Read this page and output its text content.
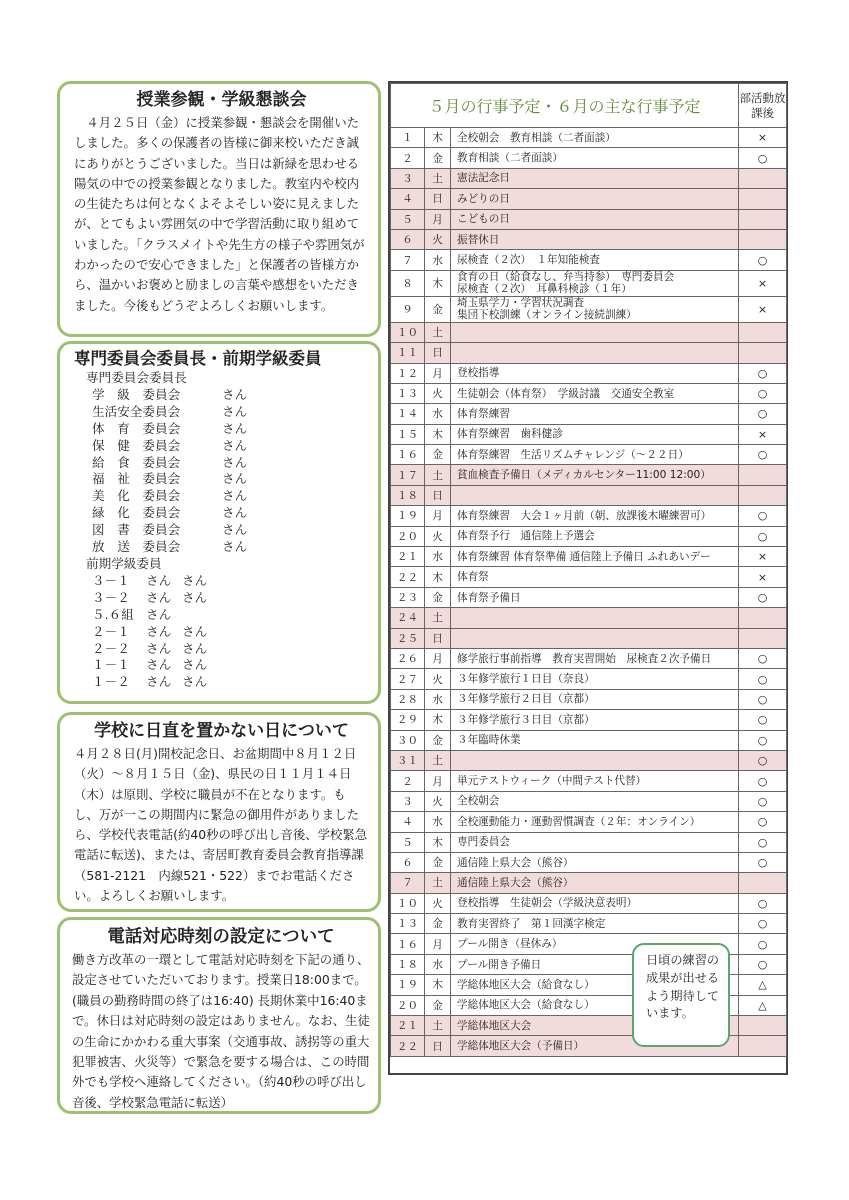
授業参観・学級懇談会
４月２５日（金）に授業参観・懇談会を開催いたしました。多くの保護者の皆様に御来校いただき誠にありがとうございました。当日は新緑を思わせる陽気の中での授業参観となりました。教室内や校内の生徒たちは何となくよそよそしい姿に見えましたが、とてもよい雰囲気の中で学習活動に取り組めていました。「クラスメイトや先生方の様子や雰囲気がわかったので安心できました」と保護者の皆様方から、温かいお褒めと励ましの言葉や感想をいただきました。今後もどうぞよろしくお願いします。
専門委員会委員長・前期学級委員
専門委員会委員長
学　級　委員会	さん
生活安全委員会	さん
体　育　委員会	さん
保　健　委員会	さん
給　食　委員会	さん
福　祉　委員会	さん
美　化　委員会	さん
緑　化　委員会	さん
図　書　委員会	さん
放　送　委員会	さん
前期学級委員
３－１	さん さん
３－２	さん さん
５.６組 さん
２－１	さん さん
２－２	さん さん
１－１	さん さん
１－２	さん さん
学校に日直を置かない日について
４月２８日(月)開校記念日、お盆期間中８月１２日（火）～８月１５日（金)、県民の日１１月１４日（木）は原則、学校に職員が不在となります。もし、万が一この期間内に緊急の御用件がありましたら、学校代表電話(約40秒の呼び出し音後、学校緊急電話に転送)、または、寄居町教育委員会教育指導課（581-2121　内線521・522）までお電話ください。よろしくお願いします。
電話対応時刻の設定について
働き方改革の一環として電話対応時刻を下記の通り、設定させていただいております。授業日18:00まで。(職員の勤務時間の終了は16:40) 長期休業中16:40まで。休日は対応時刻の設定はありません。なお、生徒の生命にかかわる重大事案（交通事故、誘拐等の重大犯罪被害、火災等）で緊急を要する場合は、この時間外でも学校へ連絡してください。（約40秒の呼び出し音後、学校緊急電話に転送）
５月の行事予定・６月の主な行事予定			部活動放課後
１	木	全校朝会　教育相談（二者面談）	×
２	金	教育相談（二者面談）	○
３	土	憲法記念日	
４	日	みどりの日	
５	月	こどもの日	
６	火	振替休日	
７	水	尿検査（２次）　１年知能検査	○
８	木	食育の日（給食なし、弁当持参）　専門委員会
尿検査（２次）　耳鼻科検診（１年）	×
９	金	埼玉県学力・学習状況調査
集団下校訓練（オンライン接続訓練）	×
１０	土		
１１	日		
１２	月	登校指導	○
１３	火	生徒朝会（体育祭）　学級討議　交通安全教室	○
１４	水	体育祭練習	○
１５	木	体育祭練習　歯科健診	×
１６	金	体育祭練習　生活リズムチャレンジ（～２２日）	○
１７	土	貧血検査予備日（メディカルセンター11:00 12:00）	
１８	日		
１９	月	体育祭練習　大会１ヶ月前（朝、放課後木曜練習可）	○
２０	火	体育祭予行　通信陸上予選会	○
２１	水	体育祭練習 体育祭準備 通信陸上予備日 ふれあいデー	×
２２	木	体育祭	×
２３	金	体育祭予備日	○
２４	土		
２５	日		
２６	月	修学旅行事前指導　教育実習開始　尿検査２次予備日	○
２７	火	３年修学旅行１日目（奈良）	○
２８	水	３年修学旅行２日目（京都）	○
２９	木	３年修学旅行３日目（京都）	○
３０	金	３年臨時休業	○
３１	土		○
２	月	単元テストウィーク（中間テスト代替）	○
３	火	全校朝会	○
４	水	全校運動能力・運動習慣調査（２年：オンライン）	○
５	木	専門委員会	○
６	金	通信陸上県大会（熊谷）	○
７	土	通信陸上県大会（熊谷）	
１０	火	登校指導　生徒朝会（学級決意表明）	○
１３	金	教育実習終了　第１回漢字検定	○
１６	月	プール開き（昼休み）	○
１８	水	プール開き予備日	○
１９	木	学総体地区大会（給食なし）	△
２０	金	学総体地区大会（給食なし）	△
２１	土	学総体地区大会	
２２	日	学総体地区大会（予備日）	
日頃の練習の成果が出せるよう期待しています。
